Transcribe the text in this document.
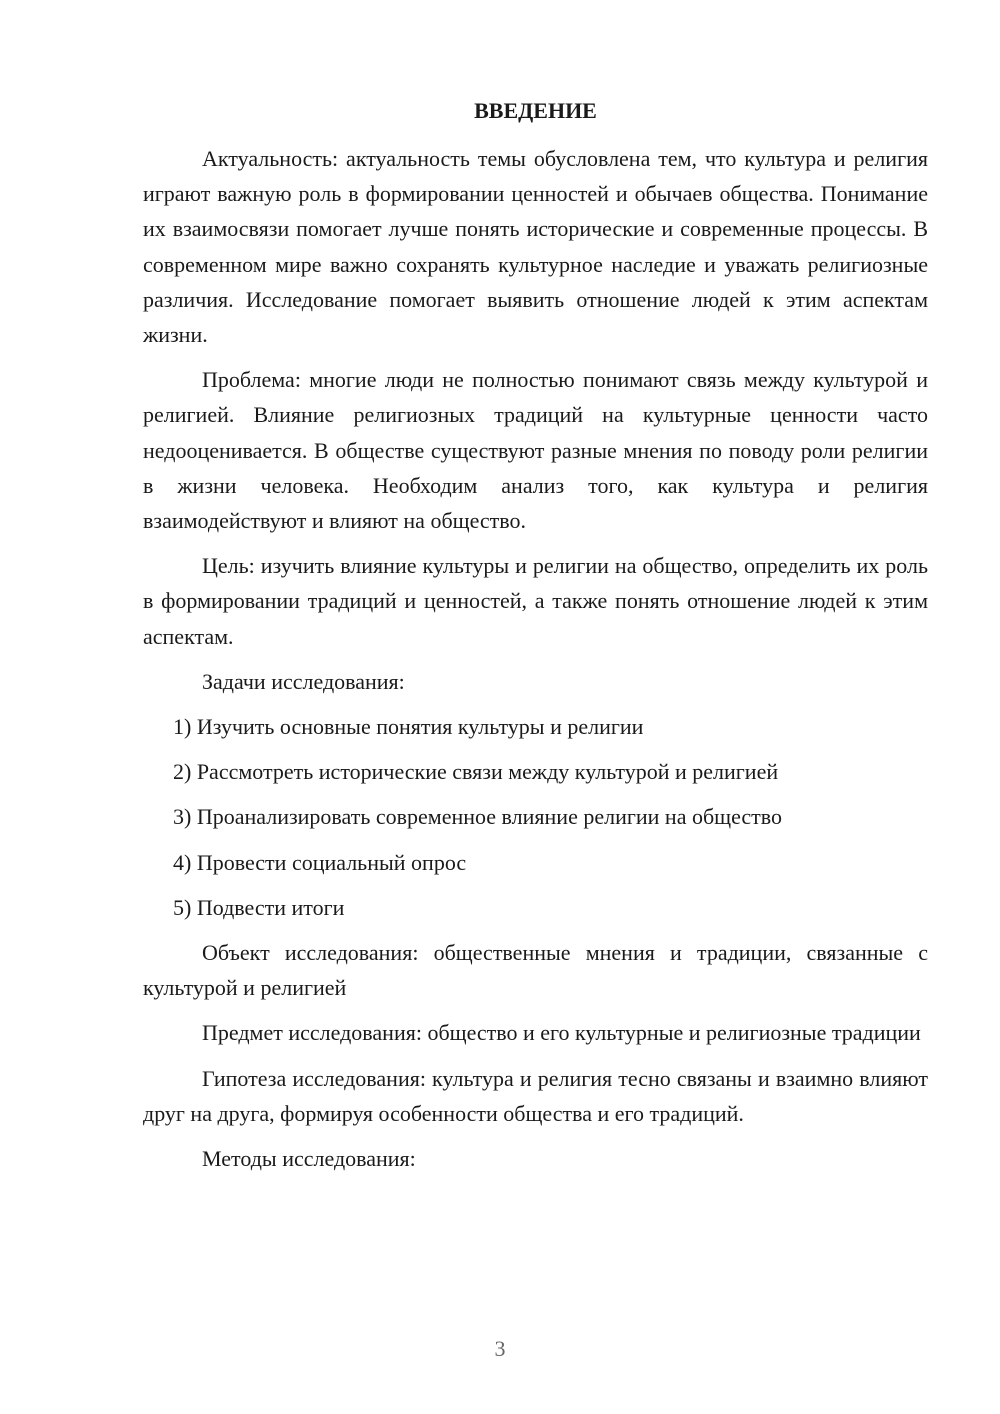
ВВЕДЕНИЕ

Актуальность: актуальность темы обусловлена тем, что культура и религия играют важную роль в формировании ценностей и обычаев общества. Понимание их взаимосвязи помогает лучше понять исторические и современные процессы. В современном мире важно сохранять культурное наследие и уважать религиозные различия. Исследование помогает выявить отношение людей к этим аспектам жизни.

Проблема: многие люди не полностью понимают связь между культурой и религией. Влияние религиозных традиций на культурные ценности часто недооценивается. В обществе существуют разные мнения по поводу роли религии в жизни человека. Необходим анализ того, как культура и религия взаимодействуют и влияют на общество.

Цель: изучить влияние культуры и религии на общество, определить их роль в формировании традиций и ценностей, а также понять отношение людей к этим аспектам.

Задачи исследования:

1) Изучить основные понятия культуры и религии

2) Рассмотреть исторические связи между культурой и религией

3) Проанализировать современное влияние религии на общество

4) Провести социальный опрос

5) Подвести итоги

Объект исследования: общественные мнения и традиции, связанные с культурой и религией

Предмет исследования: общество и его культурные и религиозные традиции

Гипотеза исследования: культура и религия тесно связаны и взаимно влияют друг на друга, формируя особенности общества и его традиций.

Методы исследования:

3
